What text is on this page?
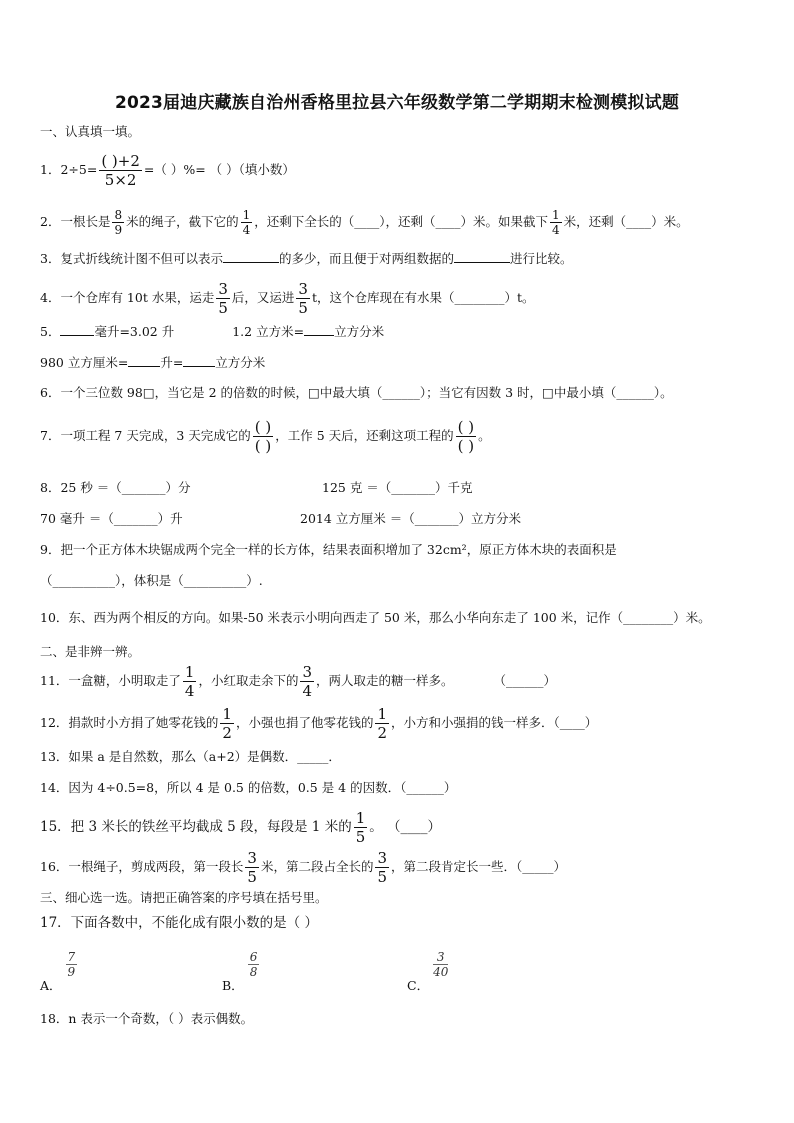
2023届迪庆藏族自治州香格里拉县六年级数学第二学期期末检测模拟试题
一、认真填一填。
1．$2\div 5= \frac{( )+2}{5\times 2}$ =（ ）%= （ ）（填小数）
2．一根长是 $\frac{8}{9}$ 米的绳子，截下它的 $\frac{1}{4}$ ，还剩下全长的（____），还剩（____）米。如果截下 $\frac{1}{4}$ 米，还剩（____）米。
3．复式折线统计图不但可以表示	的多少，而且便于对两组数据的	进行比较。
4．一个仓库有 10t 水果，运走 $\frac{3}{5}$ 后，又运进 $\frac{3}{5}$ t，这个仓库现在有水果（________）t。
5．	毫升=3.02 升	1.2 立方米= 立方分米
980 立方厘米=	升=	立方分米
6．一个三位数 98□，当它是 2 的倍数的时候，□中最大填（______）；当它有因数 3 时，□中最小填（______）。
7．一项工程 7 天完成，3 天完成它的 $\frac{( )}{( )}$ ，工作 5 天后，还剩这项工程的 $\frac{( )}{( )}$ 。
8．25 秒 ＝（_______）分	125 克 ＝（_______）千克
70 毫升 ＝（_______）升	2014 立方厘米 ＝（_______）立方分米
9．把一个正方体木块锯成两个完全一样的长方体，结果表面积增加了 32cm²，原正方体木块的表面积是
（__________），体积是（__________）.
10．东、西为两个相反的方向。如果-50 米表示小明向西走了 50 米，那么小华向东走了 100 米，记作（________）米。
二、是非辨一辨。
11．一盒糖，小明取走了 $\frac{1}{4}$ ，小红取走余下的 $\frac{3}{4}$ ，两人取走的糖一样多。	（______）
12．捐款时小方捐了她零花钱的 $\frac{1}{2}$ ，小强也捐了他零花钱的 $\frac{1}{2}$ ，小方和小强捐的钱一样多．（____）
13．如果 a 是自然数，那么（a+2）是偶数．_____．
14．因为 4÷0.5=8，所以 4 是 0.5 的倍数，0.5 是 4 的因数．（______）
15．把 3 米长的铁丝平均截成 5 段，每段是 1 米的 $\frac{1}{5}$ 。 （____）
16．一根绳子，剪成两段，第一段长 $\frac{3}{5}$ 米，第二段占全长的 $\frac{3}{5}$ ，第二段肯定长一些．（_____）
三、细心选一选。请把正确答案的序号填在括号里。
17．下面各数中，不能化成有限小数的是（ ）
A．
$\frac{7}{9}$
B．
$\frac{6}{8}$
C．
$\frac{3}{40}$
18．n 表示一个奇数，（ ）表示偶数。
